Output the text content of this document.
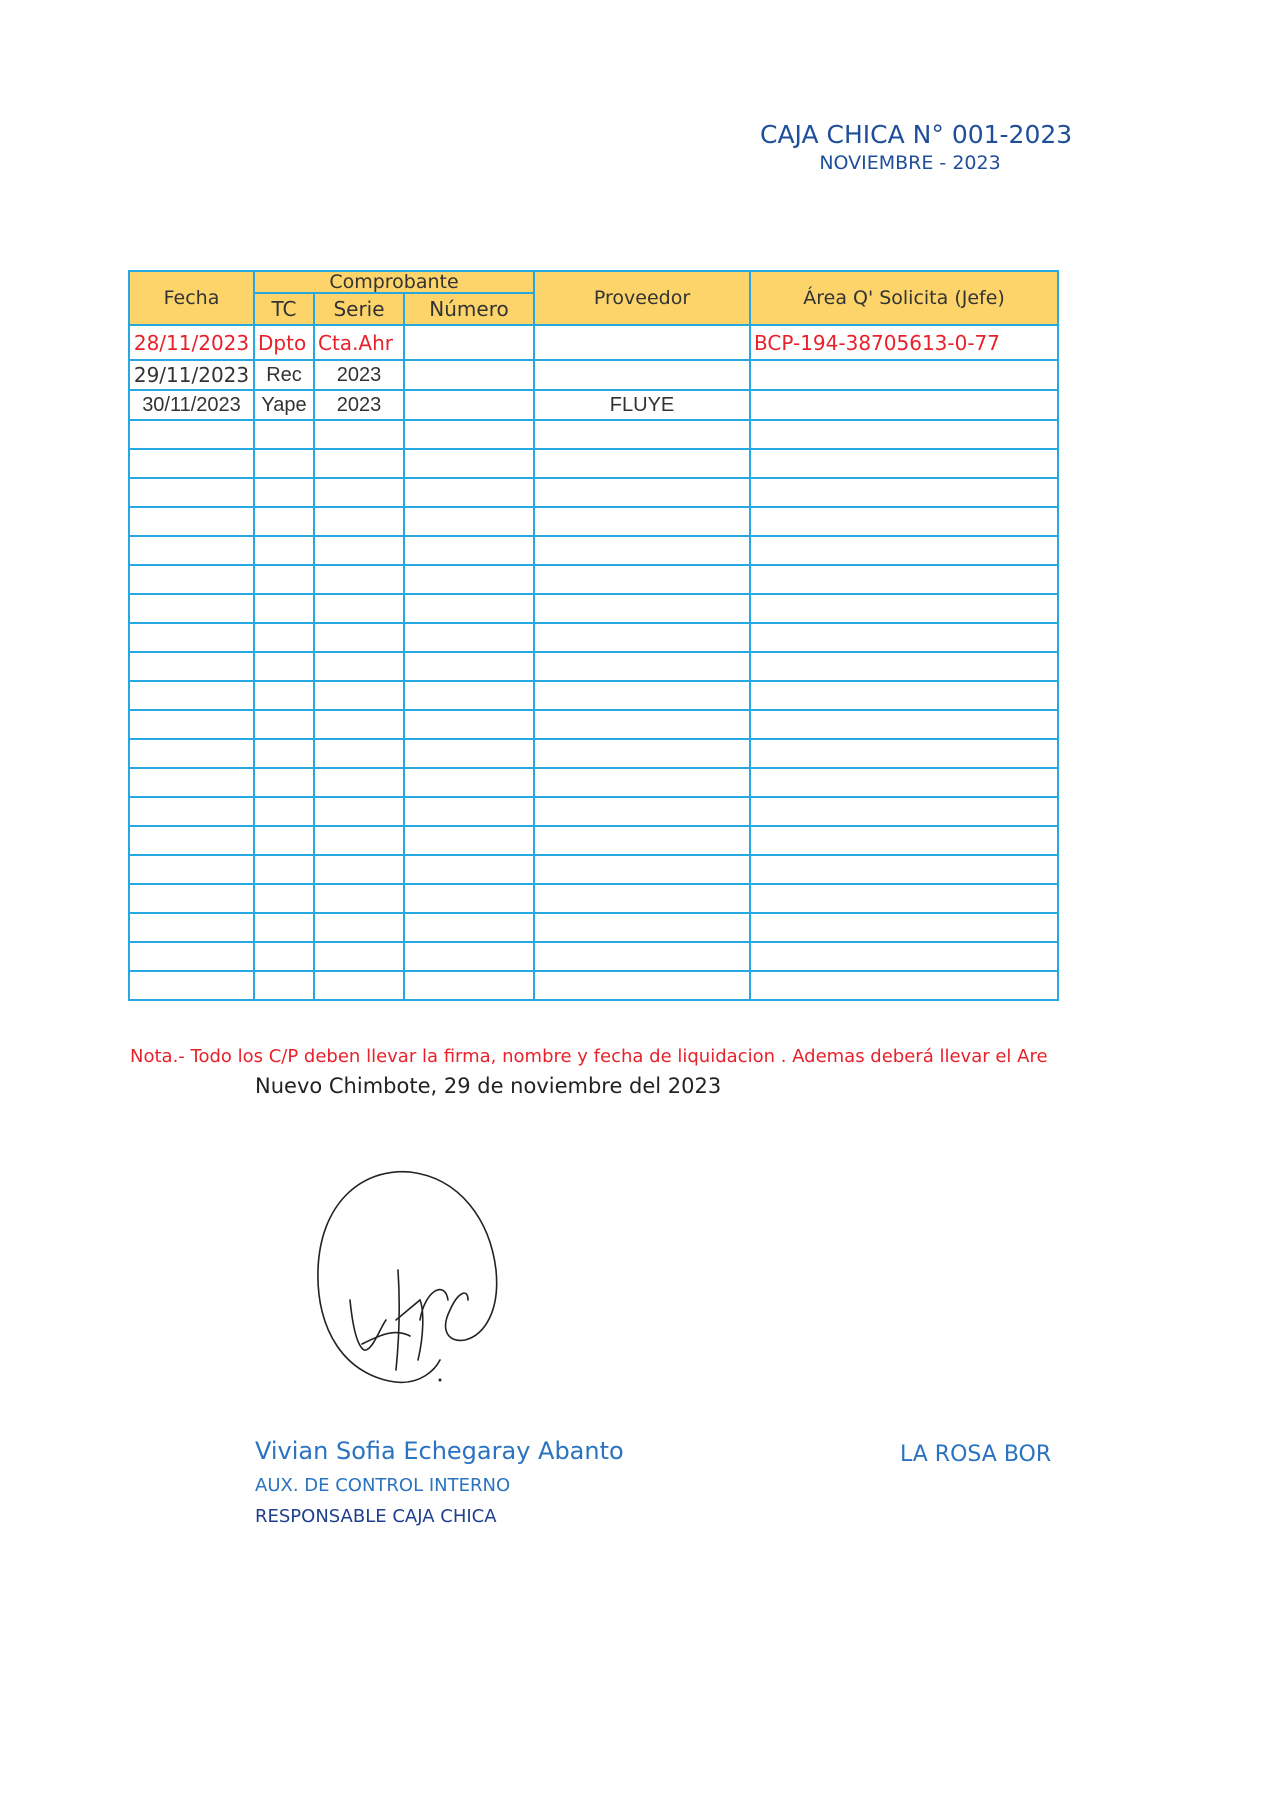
CAJA CHICA N° 001-2023
NOVIEMBRE - 2023
Fecha	Comprobante			Proveedor	Área Q' Solicita (Jefe)
	TC	Serie	Número		
28/11/2023	Dpto	Cta.Ahr			BCP-194-38705613-0-77
29/11/2023	Rec	2023			
30/11/2023	Yape	2023		FLUYE	

Nota.- Todo los C/P deben llevar la firma, nombre y fecha de liquidacion . Ademas deberá llevar el Are
Nuevo Chimbote, 29 de noviembre del 2023
Vivian Sofia Echegaray Abanto
AUX. DE CONTROL INTERNO
RESPONSABLE CAJA CHICA
LA ROSA BOR
